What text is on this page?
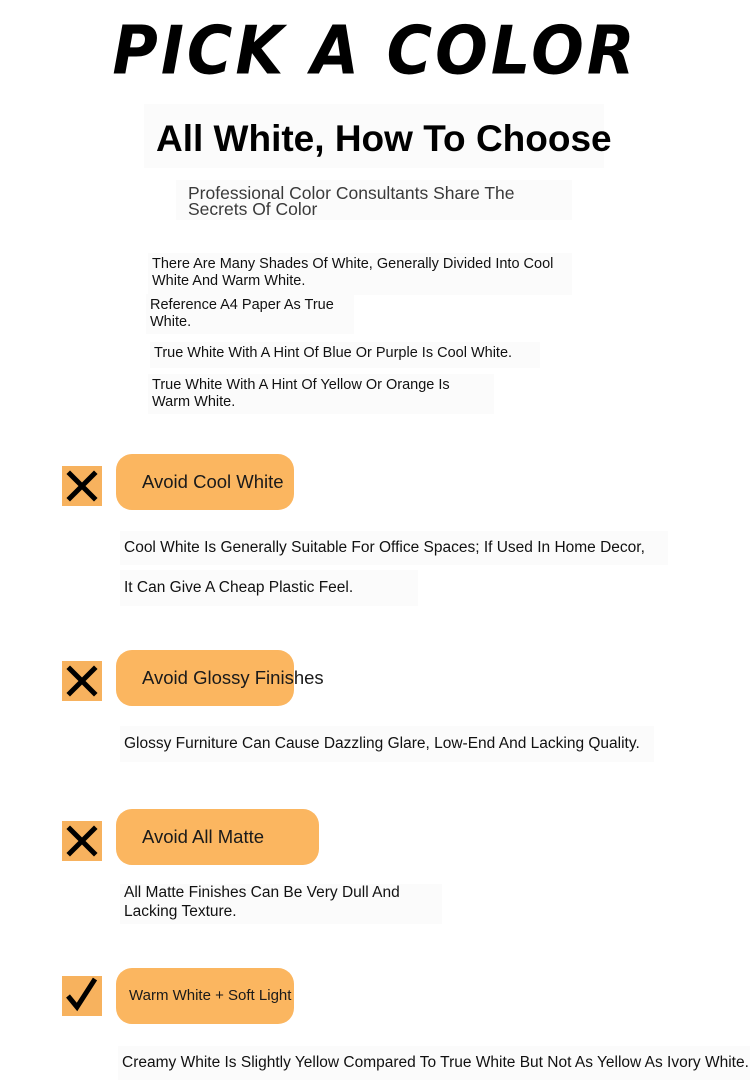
PICK A COLOR
All White, How To Choose
Professional Color Consultants Share The Secrets Of Color
There Are Many Shades Of White, Generally Divided Into Cool White And Warm White.
Reference A4 Paper As True White.
True White With A Hint Of Blue Or Purple Is Cool White.
True White With A Hint Of Yellow Or Orange Is Warm White.
Avoid Cool White
Cool White Is Generally Suitable For Office Spaces; If Used In Home Decor,
It Can Give A Cheap Plastic Feel.
Avoid Glossy Finishes
Glossy Furniture Can Cause Dazzling Glare, Low-End And Lacking Quality.
Avoid All Matte
All Matte Finishes Can Be Very Dull And
Lacking Texture.
Warm White + Soft Light
Creamy White Is Slightly Yellow Compared To True White But Not As Yellow As Ivory White.
